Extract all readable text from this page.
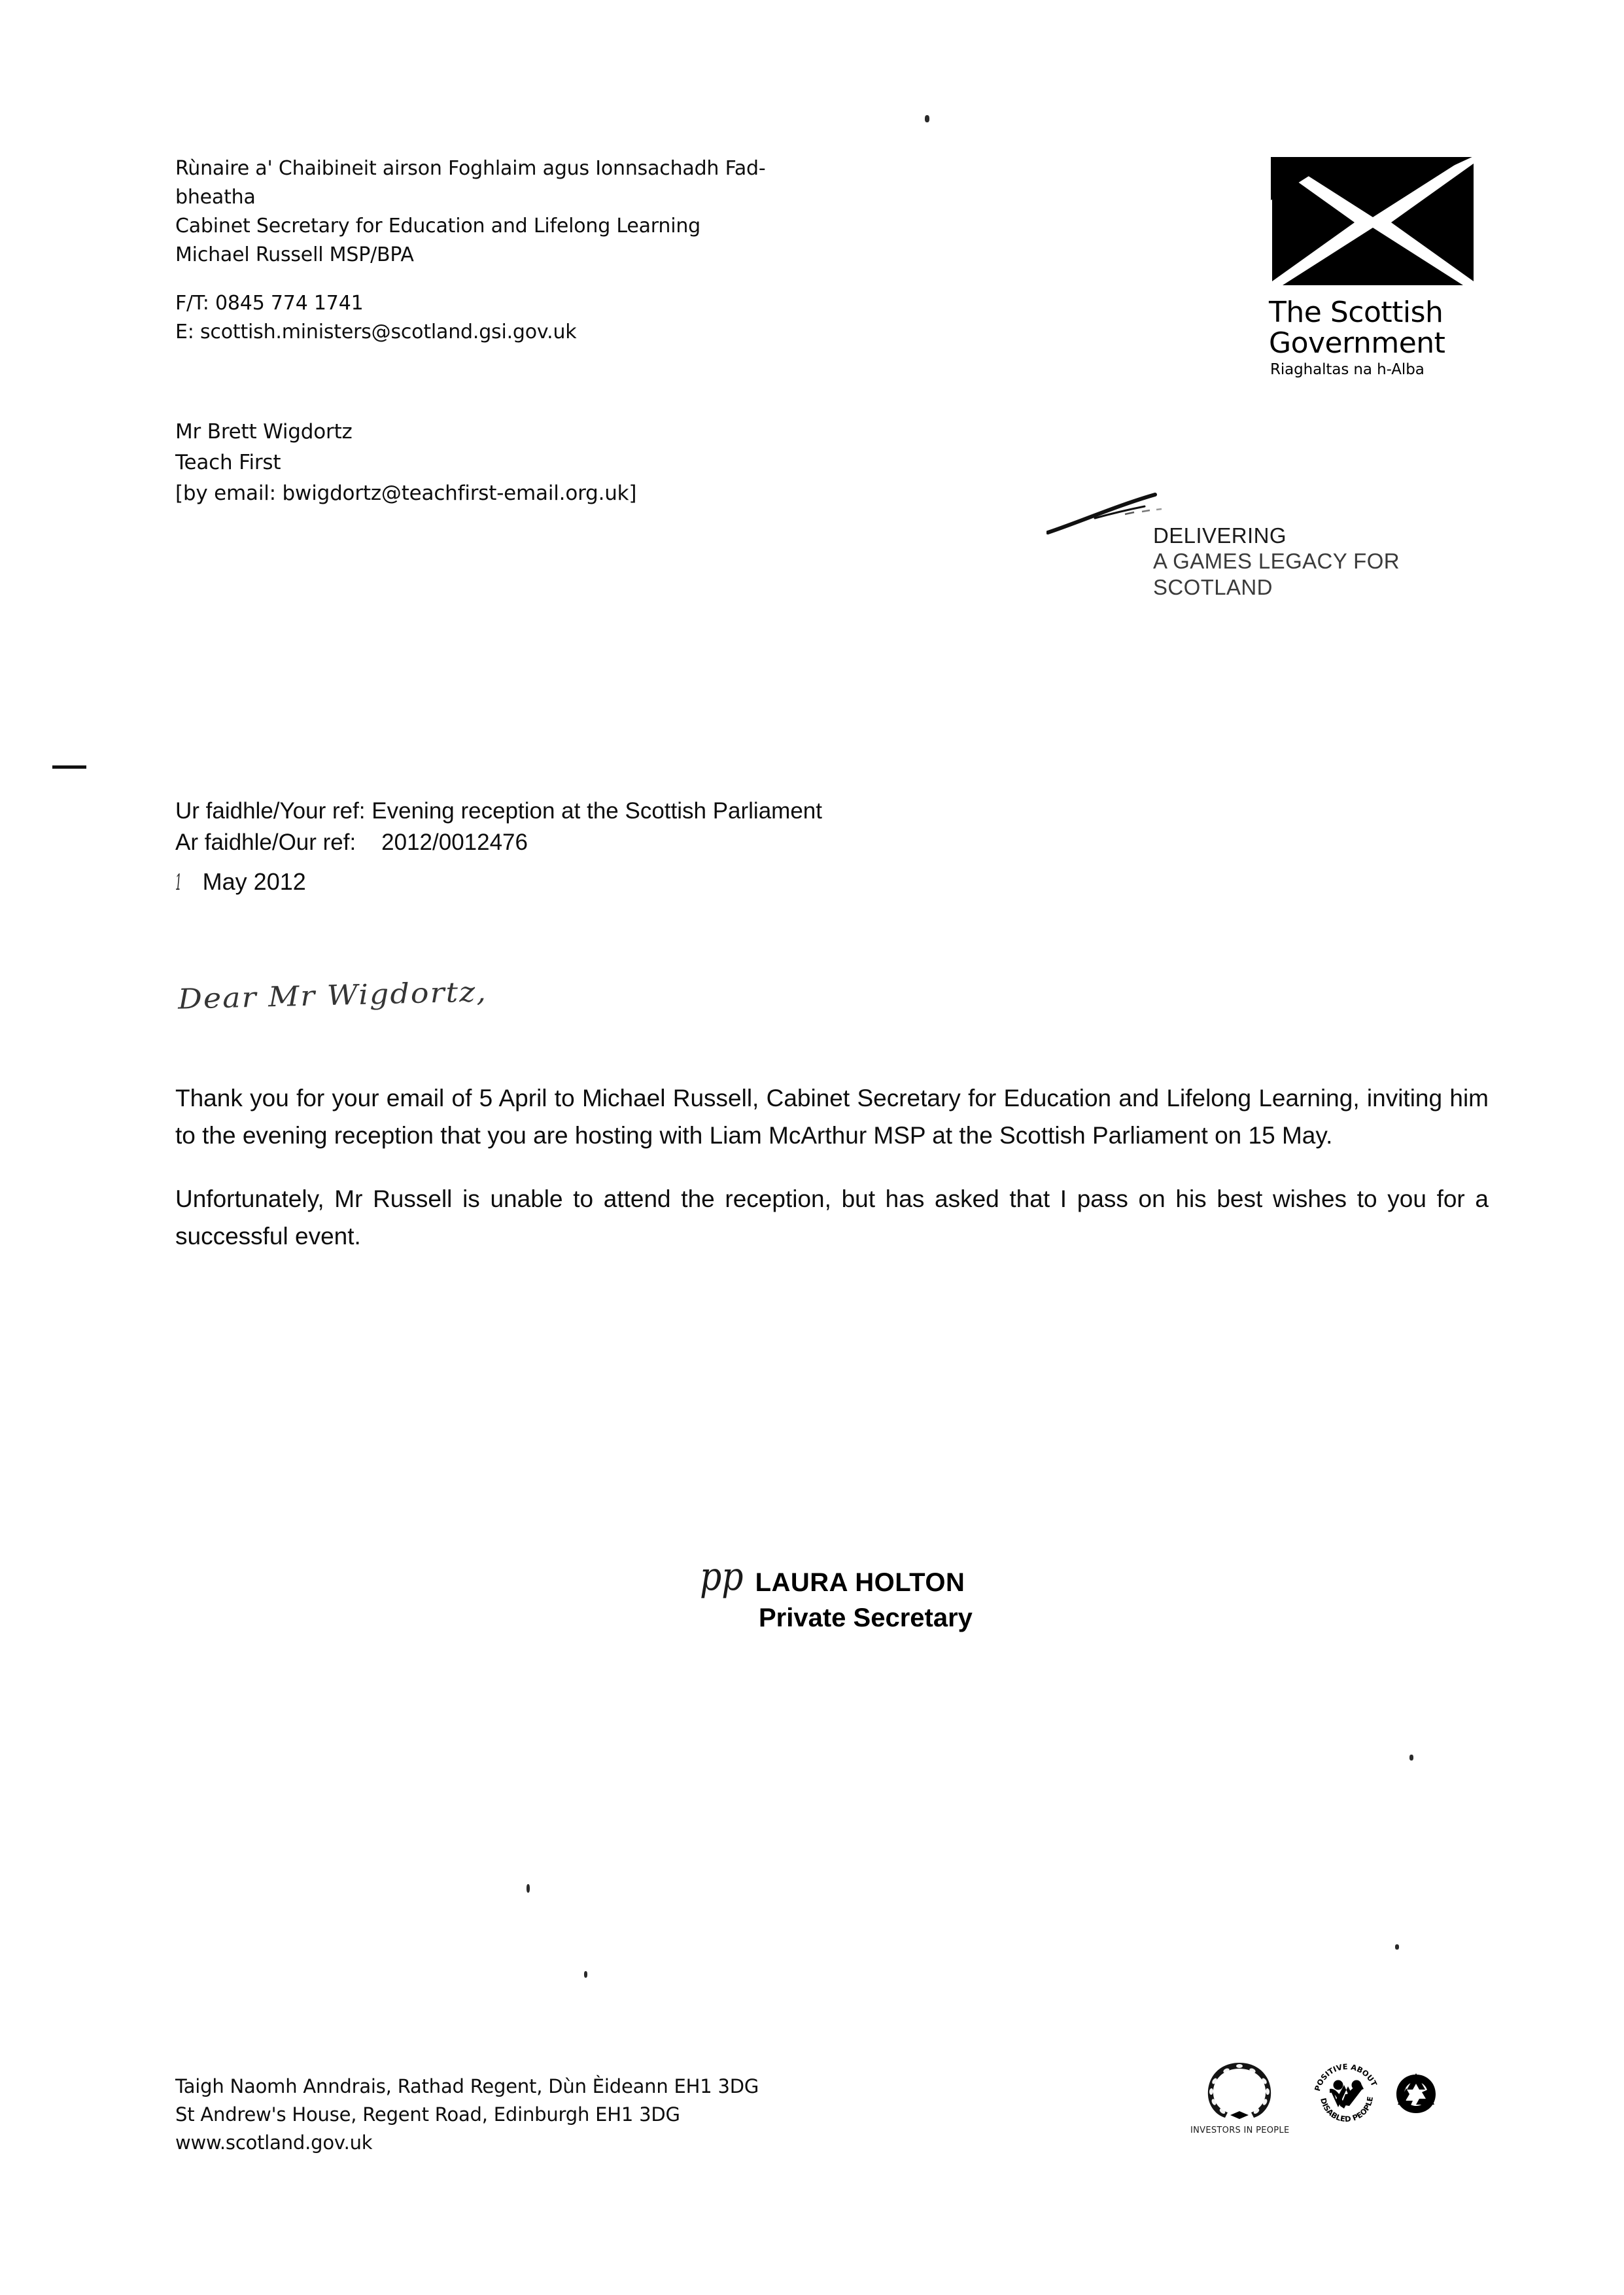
Rùnaire a' Chaibineit airson Foghlaim agus Ionnsachadh Fad-
bheatha
Cabinet Secretary for Education and Lifelong Learning
Michael Russell MSP/BPA
F/T: 0845 774 1741
E: scottish.ministers@scotland.gsi.gov.uk
Mr Brett Wigdortz
Teach First
[by email: bwigdortz@teachfirst-email.org.uk]
The Scottish
Government
Riaghaltas na h-Alba
DELIVERING
A GAMES LEGACY FOR SCOTLAND
Ur faidhle/Your ref: Evening reception at the Scottish Parliament
Ar faidhle/Our ref: 2012/0012476
1 May 2012
Dear Mr Wigdortz,

Thank you for your email of 5 April to Michael Russell, Cabinet Secretary for Education and Lifelong Learning, inviting him to the evening reception that you are hosting with Liam McArthur MSP at the Scottish Parliament on 15 May.

Unfortunately, Mr Russell is unable to attend the reception, but has asked that I pass on his best wishes to you for a successful event.

pp LAURA HOLTON
Private Secretary
Taigh Naomh Anndrais, Rathad Regent, Dùn Èideann EH1 3DG
St Andrew's House, Regent Road, Edinburgh EH1 3DG
www.scotland.gov.uk
INVESTORS IN PEOPLE
POSITIVE ABOUT
DISABLED PEOPLE
